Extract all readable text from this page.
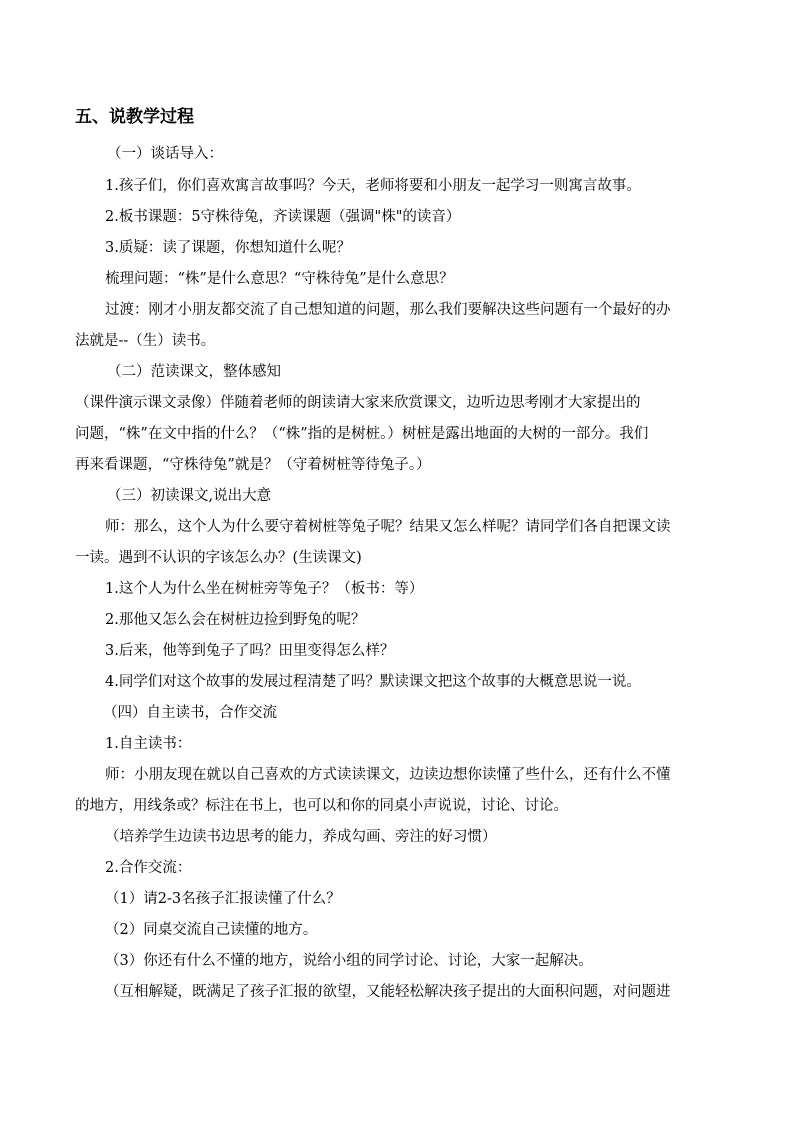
五、说教学过程
（一）谈话导入：
1.孩子们，你们喜欢寓言故事吗？今天，老师将要和小朋友一起学习一则寓言故事。
2.板书课题：5守株待兔，齐读课题（强调"株"的读音）
3.质疑：读了课题，你想知道什么呢？
梳理问题：“株”是什么意思？“守株待兔”是什么意思？
过渡：刚才小朋友都交流了自己想知道的问题，那么我们要解决这些问题有一个最好的办
法就是--（生）读书。
（二）范读课文，整体感知
（课件演示课文录像）伴随着老师的朗读请大家来欣赏课文，边听边思考刚才大家提出的
问题，“株”在文中指的什么？（“株”指的是树桩。）树桩是露出地面的大树的一部分。我们
再来看课题，“守株待兔”就是？（守着树桩等待兔子。）
（三）初读课文,说出大意
师：那么，这个人为什么要守着树桩等兔子呢？结果又怎么样呢？请同学们各自把课文读
一读。遇到不认识的字该怎么办？(生读课文)
1.这个人为什么坐在树桩旁等兔子？（板书：等）
2.那他又怎么会在树桩边捡到野兔的呢？
3.后来，他等到兔子了吗？田里变得怎么样？
4.同学们对这个故事的发展过程清楚了吗？默读课文把这个故事的大概意思说一说。
（四）自主读书，合作交流
1.自主读书：
师：小朋友现在就以自己喜欢的方式读读课文，边读边想你读懂了些什么，还有什么不懂
的地方，用线条或？标注在书上，也可以和你的同桌小声说说，讨论、讨论。
（培养学生边读书边思考的能力，养成勾画、旁注的好习惯）
2.合作交流：
（1）请2-3名孩子汇报读懂了什么？
（2）同桌交流自己读懂的地方。
（3）你还有什么不懂的地方，说给小组的同学讨论、讨论，大家一起解决。
（互相解疑，既满足了孩子汇报的欲望，又能轻松解决孩子提出的大面积问题，对问题进
